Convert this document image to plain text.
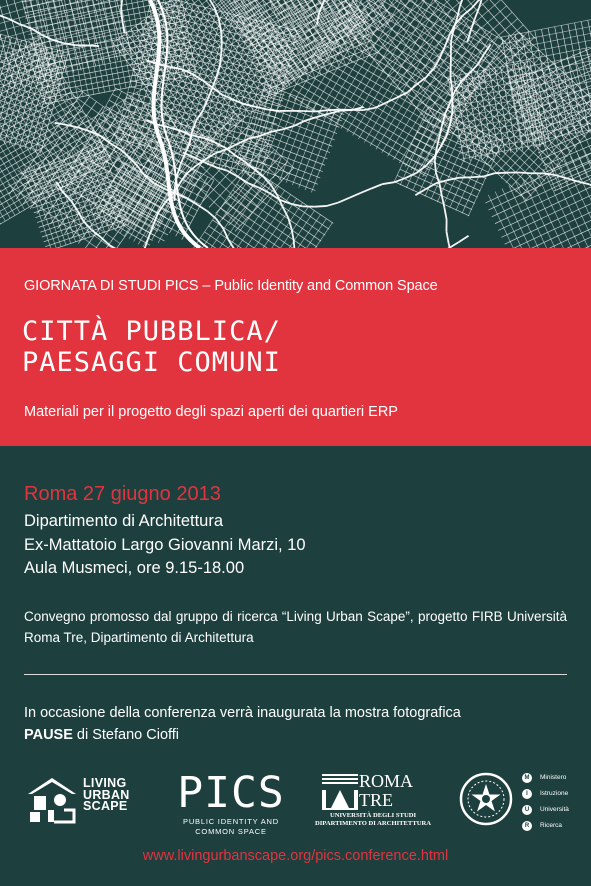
GIORNATA DI STUDI PICS – Public Identity and Common Space
CITTÀ PUBBLICA/
PAESAGGI COMUNI
Materiali per il progetto degli spazi aperti dei quartieri ERP
Roma 27 giugno 2013
Dipartimento di Architettura
Ex-Mattatoio Largo Giovanni Marzi, 10
Aula Musmeci, ore 9.15-18.00
Convegno promosso dal gruppo di ricerca “Living Urban Scape”, progetto FIRB Università Roma Tre, Dipartimento di Architettura
In occasione della conferenza verrà inaugurata la mostra fotografica
PAUSE di Stefano Cioffi
LIVING
URBAN
SCAPE PICS
PUBLIC IDENTITY AND
COMMON SPACE
ROMA
TRE
UNIVERSITÀ DEGLI STUDI
DIPARTIMENTO DI ARCHITETTURA
M	Ministero
I	Istruzione
U	Università
R	Ricerca
www.livingurbanscape.org/pics.conference.html
